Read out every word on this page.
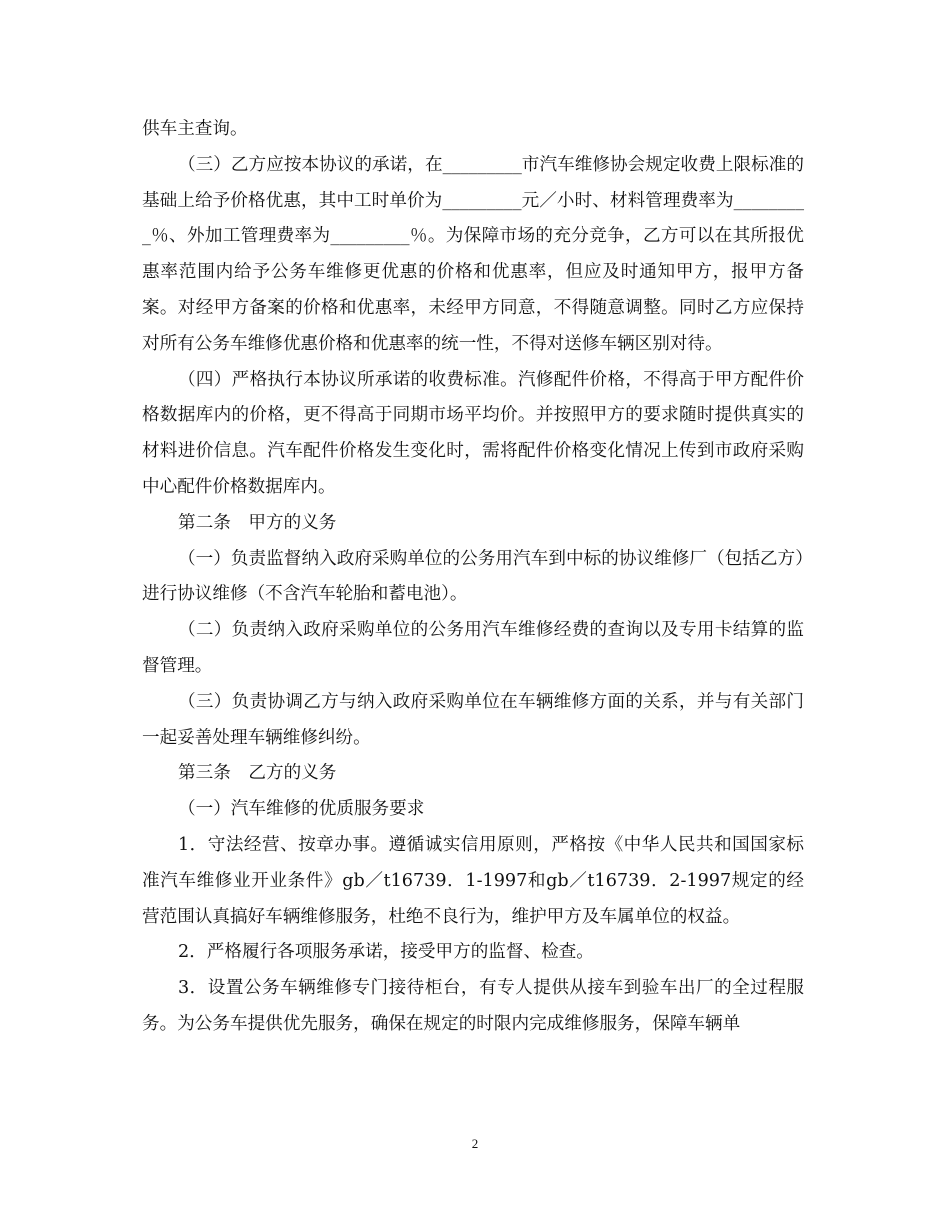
供车主查询。

（三）乙方应按本协议的承诺，在_________市汽车维修协会规定收费上限标准的基础上给予价格优惠，其中工时单价为_________元／小时、材料管理费率为_________％、外加工管理费率为_________％。为保障市场的充分竞争，乙方可以在其所报优惠率范围内给予公务车维修更优惠的价格和优惠率，但应及时通知甲方，报甲方备案。对经甲方备案的价格和优惠率，未经甲方同意，不得随意调整。同时乙方应保持对所有公务车维修优惠价格和优惠率的统一性，不得对送修车辆区别对待。

（四）严格执行本协议所承诺的收费标准。汽修配件价格，不得高于甲方配件价格数据库内的价格，更不得高于同期市场平均价。并按照甲方的要求随时提供真实的材料进价信息。汽车配件价格发生变化时，需将配件价格变化情况上传到市政府采购中心配件价格数据库内。

第二条　甲方的义务

（一）负责监督纳入政府采购单位的公务用汽车到中标的协议维修厂（包括乙方）进行协议维修（不含汽车轮胎和蓄电池）。

（二）负责纳入政府采购单位的公务用汽车维修经费的查询以及专用卡结算的监督管理。

（三）负责协调乙方与纳入政府采购单位在车辆维修方面的关系，并与有关部门一起妥善处理车辆维修纠纷。

第三条　乙方的义务

（一）汽车维修的优质服务要求

1．守法经营、按章办事。遵循诚实信用原则，严格按《中华人民共和国国家标准汽车维修业开业条件》gb／t16739．1-1997和gb／t16739．2-1997规定的经营范围认真搞好车辆维修服务，杜绝不良行为，维护甲方及车属单位的权益。

2．严格履行各项服务承诺，接受甲方的监督、检查。

3．设置公务车辆维修专门接待柜台，有专人提供从接车到验车出厂的全过程服务。为公务车提供优先服务，确保在规定的时限内完成维修服务，保障车辆单

2
